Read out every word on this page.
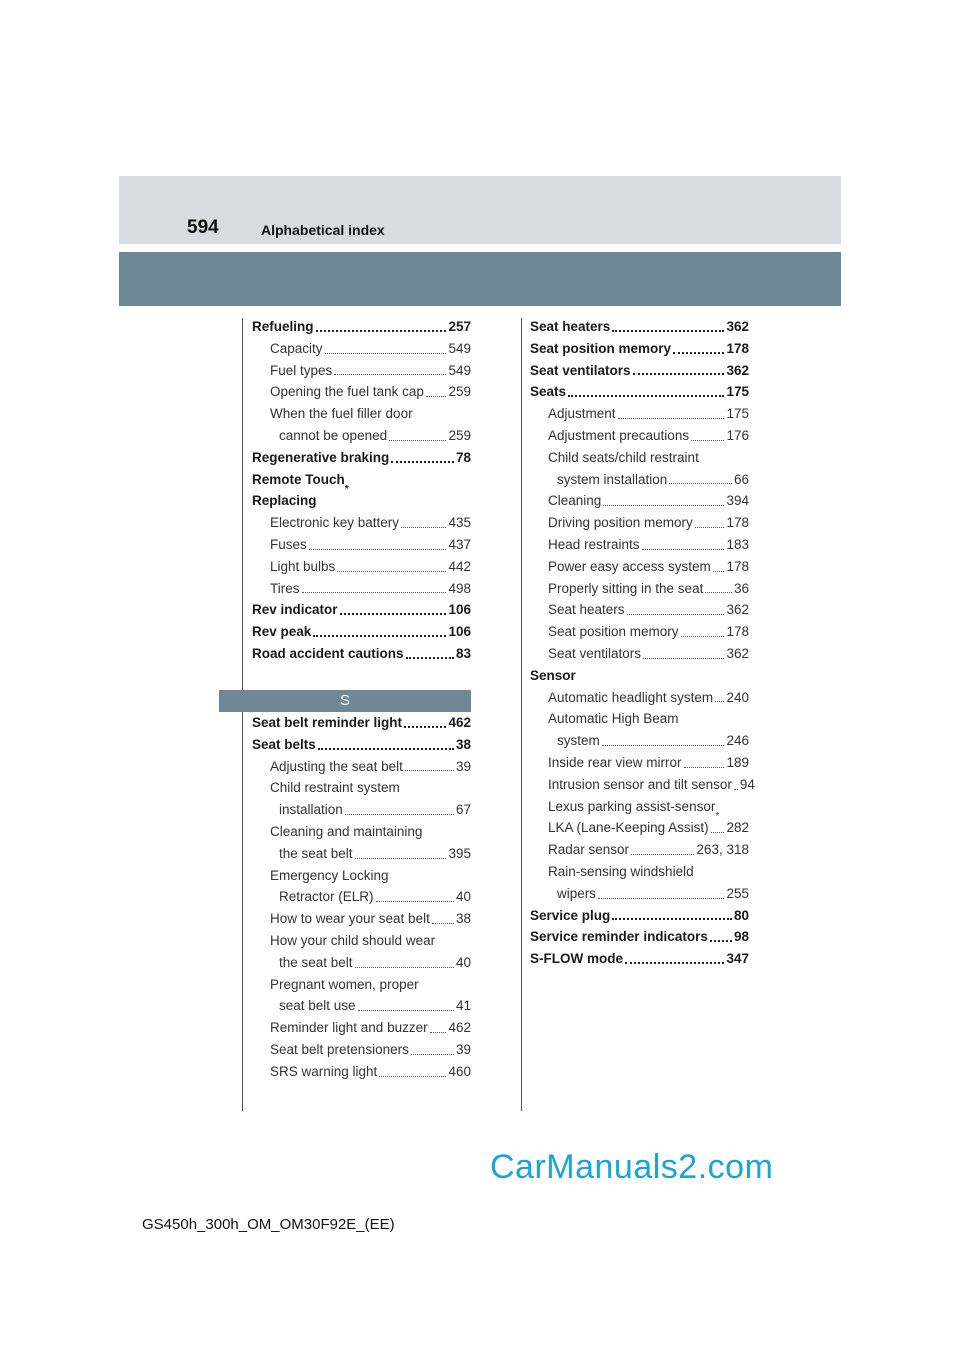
594	Alphabetical index
Refueling	257
Capacity	549
Fuel types	549
Opening the fuel tank cap 259
When the fuel filler door
cannot be opened	259
Regenerative braking	78
Remote Touch
*
Replacing
Electronic key battery	435
Fuses	437
Light bulbs	442
Tires	498
Rev indicator	106
Rev peak	106
Road accident cautions	83
S
Seat belt reminder light	462
Seat belts	38
Adjusting the seat belt	39
Child restraint system
installation	67
Cleaning and maintaining
the seat belt	395
Emergency Locking
Retractor (ELR)	40
How to wear your seat belt 38
How your child should wear
the seat belt	40
Pregnant women, proper
seat belt use	41
Reminder light and buzzer 462
Seat belt pretensioners	39
SRS warning light	460
Seat heaters	362
Seat position memory	178
Seat ventilators	362
Seats	175
Adjustment	175
Adjustment precautions	176
Child seats/child restraint
system installation	66
Cleaning	394
Driving position memory 178
Head restraints	183
Power easy access system 178
Properly sitting in the seat 36
Seat heaters	362
Seat position memory	178
Seat ventilators	362
Sensor
Automatic headlight system 240
Automatic High Beam
system	246
Inside rear view mirror	189
Intrusion sensor and tilt sensor 94
Lexus parking assist-sensor
*
LKA (Lane-Keeping Assist) 282
Radar sensor	263, 318
Rain-sensing windshield
wipers	255
Service plug	80
Service reminder indicators 98
S-FLOW mode	347
CarManuals2.com
GS450h_300h_OM_OM30F92E_(EE)
